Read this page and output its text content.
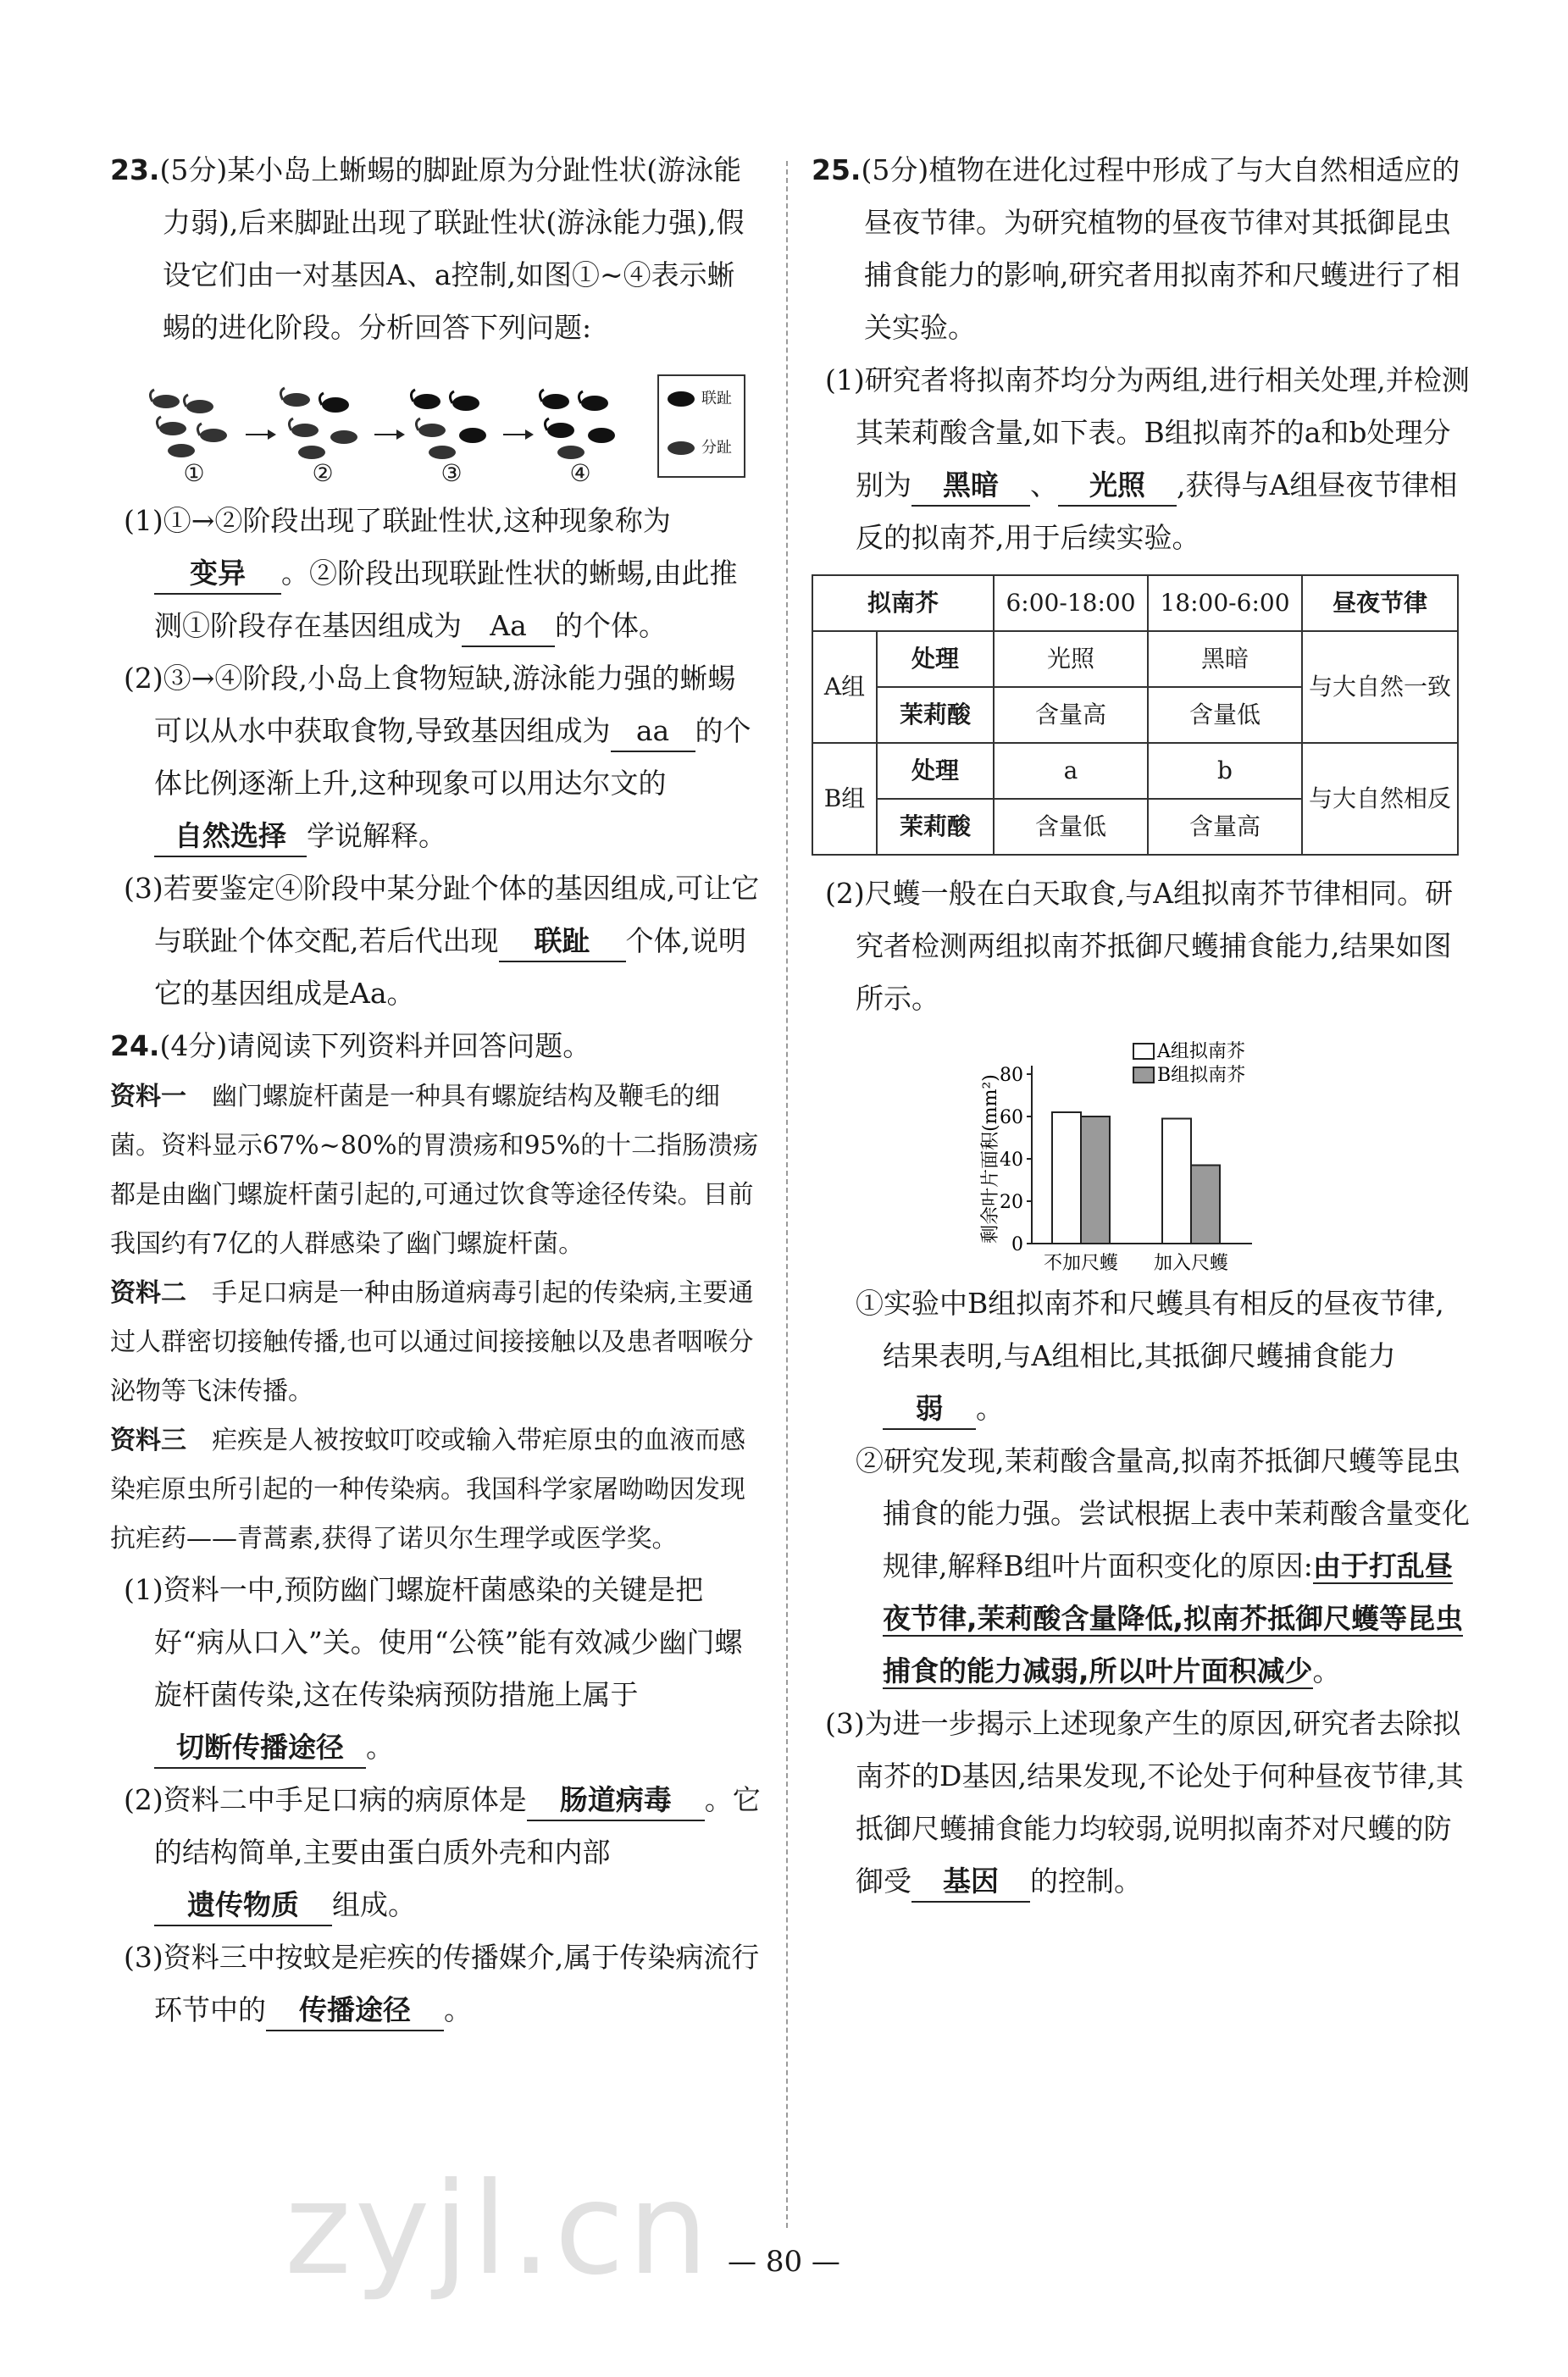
23.(5分)某小岛上蜥蜴的脚趾原为分趾性状(游泳能力弱),后来脚趾出现了联趾性状(游泳能力强),假设它们由一对基因A、a控制,如图①~④表示蜥蜴的进化阶段。分析回答下列问题:

①	②	③	④
联趾
分趾

(1)①→②阶段出现了联趾性状,这种现象称为变异 。②阶段出现联趾性状的蜥蜴,由此推测①阶段存在基因组成为 Aa 的个体。

(2)③→④阶段,小岛上食物短缺,游泳能力强的蜥蜴可以从水中获取食物,导致基因组成为 aa 的个体比例逐渐上升,这种现象可以用达尔文的自然选择 学说解释。

(3)若要鉴定④阶段中某分趾个体的基因组成,可让它与联趾个体交配,若后代出现 联趾 个体,说明它的基因组成是Aa。

24.(4分)请阅读下列资料并回答问题。

资料一　 幽门螺旋杆菌是一种具有螺旋结构及鞭毛的细菌。资料显示67%~80%的胃溃疡和95%的十二指肠溃疡都是由幽门螺旋杆菌引起的,可通过饮食等途径传染。目前我国约有7亿的人群感染了幽门螺旋杆菌。

资料二　 手足口病是一种由肠道病毒引起的传染病,主要通过人群密切接触传播,也可以通过间接接触以及患者咽喉分泌物等飞沫传播。

资料三　 疟疾是人被按蚊叮咬或输入带疟原虫的血液而感染疟原虫所引起的一种传染病。我国科学家屠呦呦因发现抗疟药——青蒿素,获得了诺贝尔生理学或医学奖。

(1)资料一中,预防幽门螺旋杆菌感染的关键是把好“病从口入”关。使用“公筷”能有效减少幽门螺旋杆菌传染,这在传染病预防措施上属于切断传播途径 。

(2)资料二中手足口病的病原体是 肠道病毒 。它的结构简单,主要由蛋白质外壳和内部遗传物质 组成。

(3)资料三中按蚊是疟疾的传播媒介,属于传染病流行环节中的 传播途径 。

25.(5分)植物在进化过程中形成了与大自然相适应的昼夜节律。为研究植物的昼夜节律对其抵御昆虫捕食能力的影响,研究者用拟南芥和尺蠖进行了相关实验。

(1)研究者将拟南芥均分为两组,进行相关处理,并检测其茉莉酸含量,如下表。B组拟南芥的a和b处理分别为 黑暗 、 光照 ,获得与A组昼夜节律相反的拟南芥,用于后续实验。

拟南芥		6:00-18:00	18:00-6:00	昼夜节律
A组	处理	光照	黑暗	与大自然一致
	茉莉酸	含量高	含量低	
B组	处理	a	b	与大自然相反
	茉莉酸	含量低	含量高	

(2)尺蠖一般在白天取食,与A组拟南芥节律相同。研究者检测两组拟南芥抵御尺蠖捕食能力,结果如图所示。

0
20
40
60
80
剩余叶片面积(mm²)
不加尺蠖 加入尺蠖
A组拟南芥
B组拟南芥

①实验中B组拟南芥和尺蠖具有相反的昼夜节律,结果表明,与A组相比,其抵御尺蠖捕食能力弱 。

②研究发现,茉莉酸含量高,拟南芥抵御尺蠖等昆虫捕食的能力强。尝试根据上表中茉莉酸含量变化规律,解释B组叶片面积变化的原因:由于打乱昼夜节律,茉莉酸含量降低,拟南芥抵御尺蠖等昆虫捕食的能力减弱,所以叶片面积减少。

(3)为进一步揭示上述现象产生的原因,研究者去除拟南芥的D基因,结果发现,不论处于何种昼夜节律,其抵御尺蠖捕食能力均较弱,说明拟南芥对尺蠖的防御受 基因 的控制。

— 80 —
zyjl.cn
